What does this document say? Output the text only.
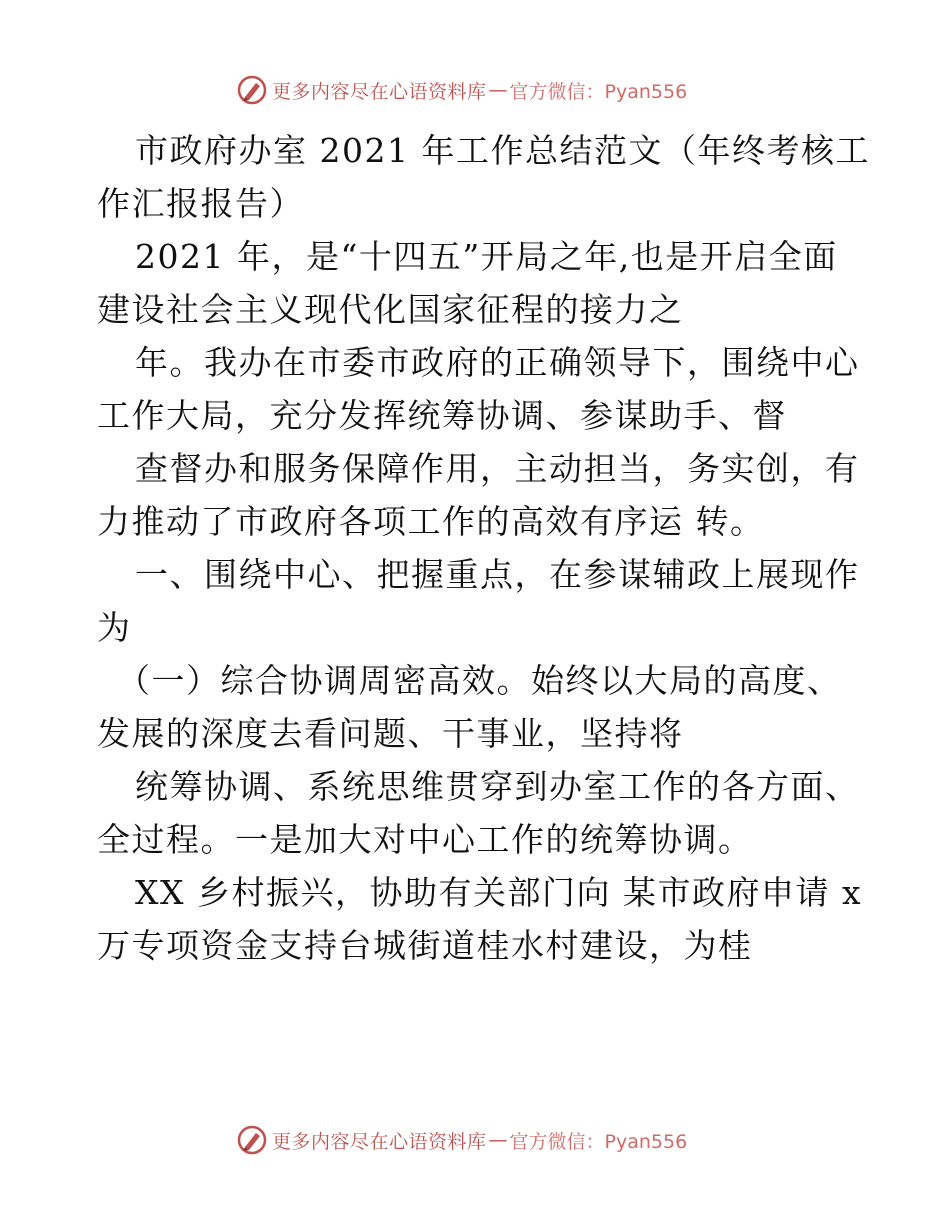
更多内容尽在心语资料库 — 官方微信：Pyan556
市政府办室 2021 年工作总结范文（年终考核工
作汇报报告）
2021 年，是“十四五”开局之年,也是开启全面
建设社会主义现代化国家征程的接力之
年。我办在市委市政府的正确领导下，围绕中心
工作大局，充分发挥统筹协调、参谋助手、督
查督办和服务保障作用，主动担当，务实创，有
力推动了市政府各项工作的高效有序运 转。
一、围绕中心、把握重点，在参谋辅政上展现作
为
（一）综合协调周密高效。始终以大局的高度、
发展的深度去看问题、干事业，坚持将
统筹协调、系统思维贯穿到办室工作的各方面、
全过程。一是加大对中心工作的统筹协调。
XX 乡村振兴，协助有关部门向 某市政府申请 x
万专项资金支持台城街道桂水村建设，为桂
更多内容尽在心语资料库 — 官方微信：Pyan556
